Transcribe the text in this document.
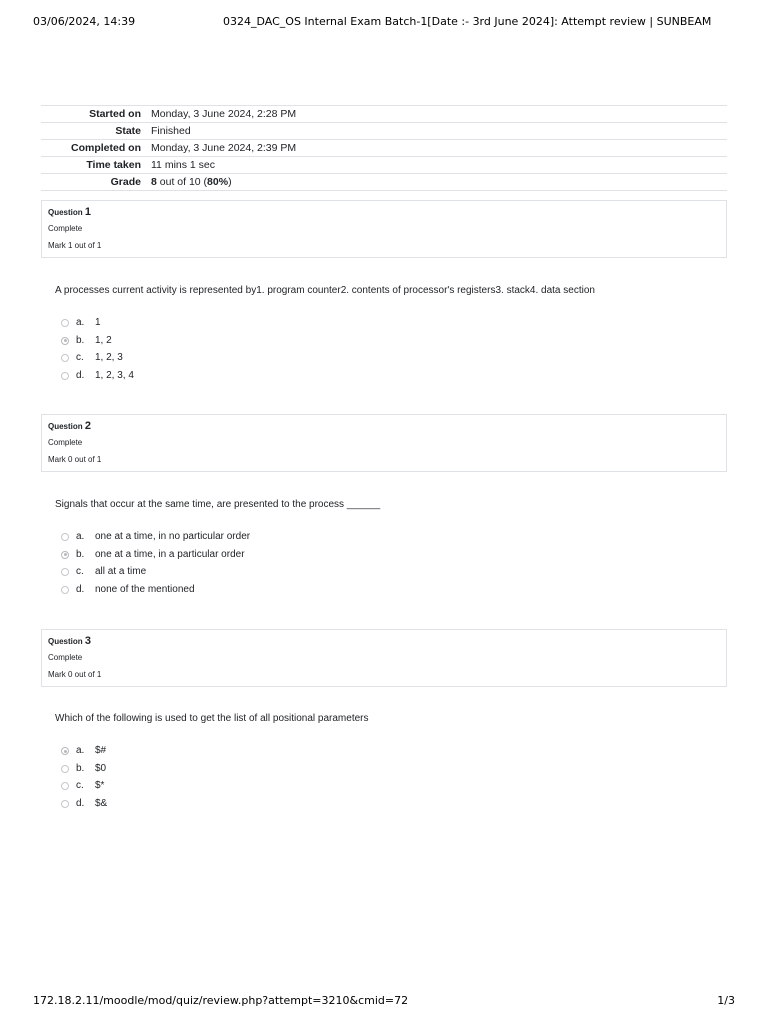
03/06/2024, 14:39	0324_DAC_OS Internal Exam Batch-1[Date :- 3rd June 2024]: Attempt review | SUNBEAM
Started on	Monday, 3 June 2024, 2:28 PM
State	Finished
Completed on	Monday, 3 June 2024, 2:39 PM
Time taken	11 mins 1 sec
Grade	8 out of 10 (80%)
Question 1
Complete
Mark 1 out of 1
A processes current activity is represented by1. program counter2. contents of processor's registers3. stack4. data section
a. 1
b. 1, 2
c. 1, 2, 3
d. 1, 2, 3, 4
Question 2
Complete
Mark 0 out of 1
Signals that occur at the same time, are presented to the process ______
a. one at a time, in no particular order
b. one at a time, in a particular order
c. all at a time
d. none of the mentioned
Question 3
Complete
Mark 0 out of 1
Which of the following is used to get the list of all positional parameters
a. $#
b. $0
c. $*
d. $&
172.18.2.11/moodle/mod/quiz/review.php?attempt=3210&cmid=72	1/3
